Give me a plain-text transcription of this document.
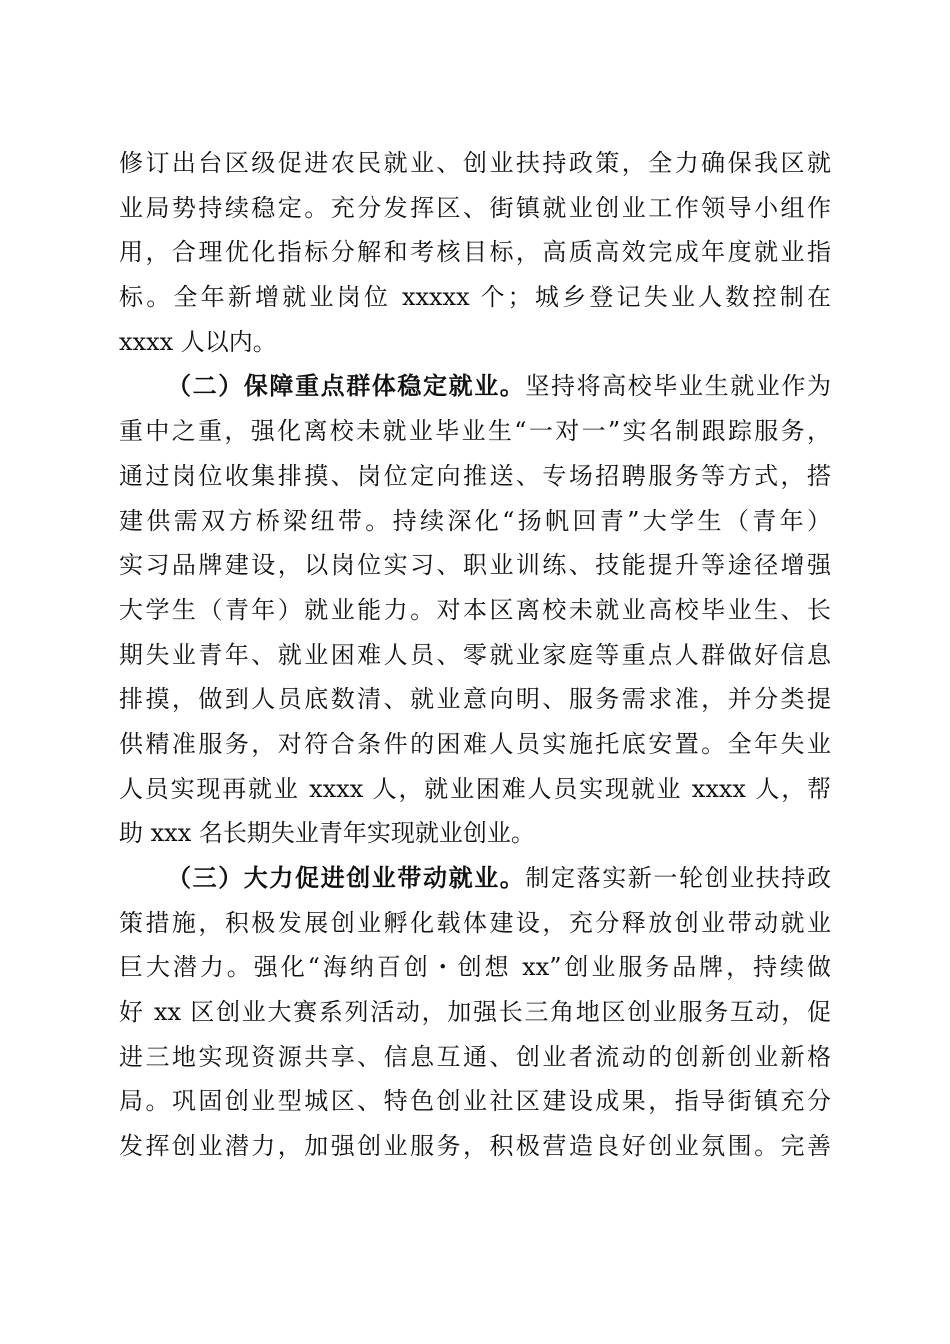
修订出台区级促进农民就业、创业扶持政策，全力确保我区就
业局势持续稳定。充分发挥区、街镇就业创业工作领导小组作
用，合理优化指标分解和考核目标，高质高效完成年度就业指
标。全年新增就业岗位 xxxxx 个；城乡登记失业人数控制在
xxxx 人以内。
（二）保障重点群体稳定就业。坚持将高校毕业生就业作为
重中之重，强化离校未就业毕业生“一对一”实名制跟踪服务，
通过岗位收集排摸、岗位定向推送、专场招聘服务等方式，搭
建供需双方桥梁纽带。持续深化“扬帆回青”大学生（青年）
实习品牌建设，以岗位实习、职业训练、技能提升等途径增强
大学生（青年）就业能力。对本区离校未就业高校毕业生、长
期失业青年、就业困难人员、零就业家庭等重点人群做好信息
排摸，做到人员底数清、就业意向明、服务需求准，并分类提
供精准服务，对符合条件的困难人员实施托底安置。全年失业
人员实现再就业 xxxx 人，就业困难人员实现就业 xxxx 人，帮
助 xxx 名长期失业青年实现就业创业。
（三）大力促进创业带动就业。制定落实新一轮创业扶持政
策措施，积极发展创业孵化载体建设，充分释放创业带动就业
巨大潜力。强化“海纳百创・创想 xx”创业服务品牌，持续做
好 xx 区创业大赛系列活动，加强长三角地区创业服务互动，促
进三地实现资源共享、信息互通、创业者流动的创新创业新格
局。巩固创业型城区、特色创业社区建设成果，指导街镇充分
发挥创业潜力，加强创业服务，积极营造良好创业氛围。完善
